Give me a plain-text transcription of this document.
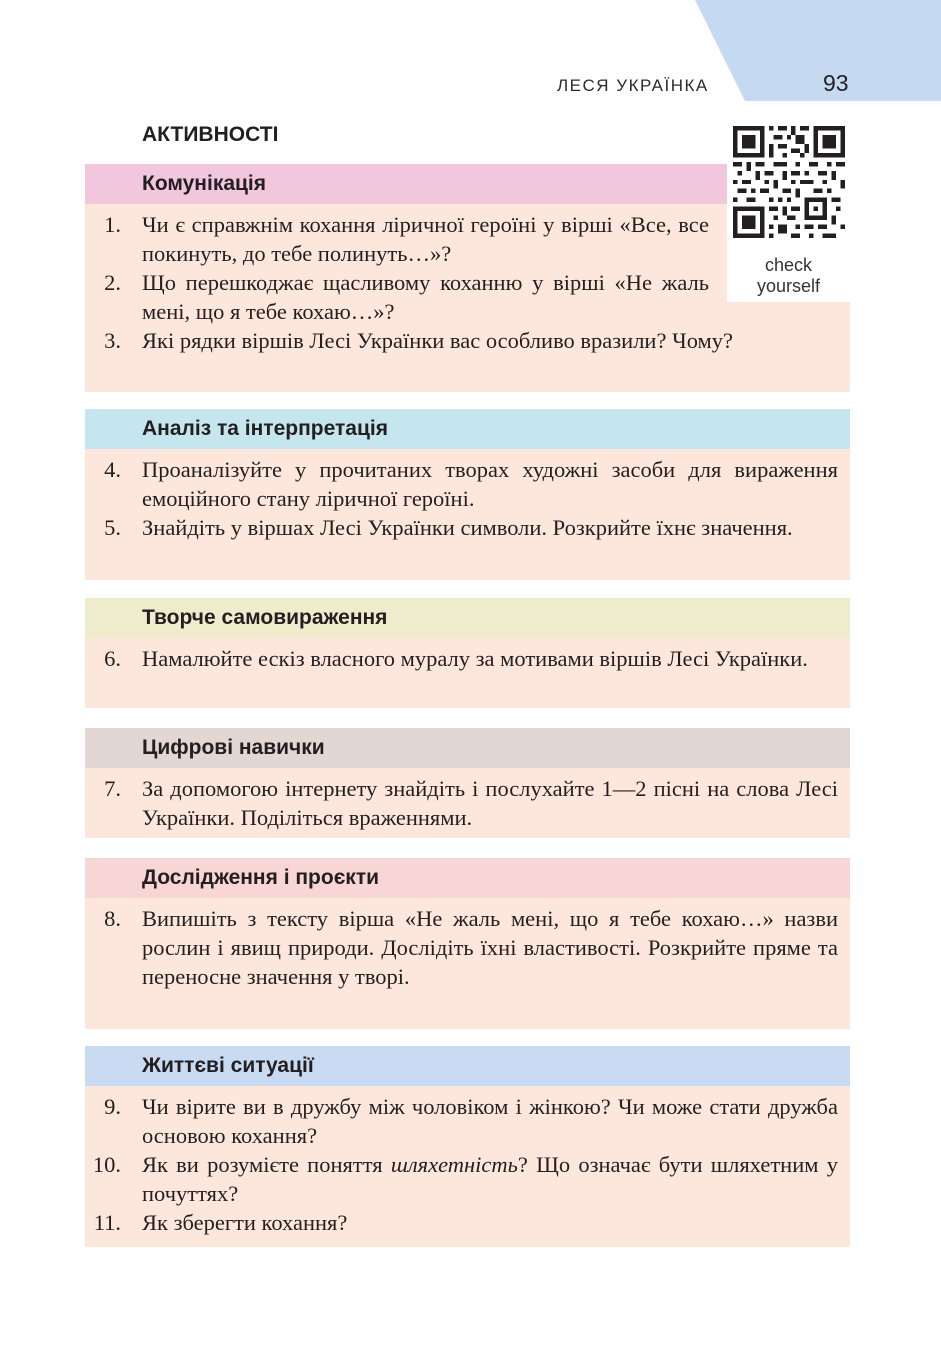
ЛЕСЯ УКРАЇНКА	93
АКТИВНОСТІ
Комунікація
1. Чи є справжнім кохання ліричної героїні у вірші «Все, все покинуть, до тебе полинуть…»?
2. Що перешкоджає щасливому коханню у вірші «Не жаль мені, що я тебе кохаю…»?
3. Які рядки віршів Лесі Українки вас особливо вразили? Чому?
check
yourself
Аналіз та інтерпретація
4. Проаналізуйте у прочитаних творах художні засоби для вираження емоційного стану ліричної героїні.
5. Знайдіть у віршах Лесі Українки символи. Розкрийте їхнє значення.
Творче самовираження
6. Намалюйте ескіз власного муралу за мотивами віршів Лесі Українки.
Цифрові навички
7. За допомогою інтернету знайдіть і послухайте 1—2 пісні на слова Лесі Українки. Поділіться враженнями.
Дослідження і проєкти
8. Випишіть з тексту вірша «Не жаль мені, що я тебе кохаю…» назви рослин і явищ природи. Дослідіть їхні властивості. Розкрийте пряме та переносне значення у творі.
Життєві ситуації
9. Чи вірите ви в дружбу між чоловіком і жінкою? Чи може стати дружба основою кохання?
10. Як ви розумієте поняття шляхетність? Що означає бути шляхетним у почуттях?
11. Як зберегти кохання?
